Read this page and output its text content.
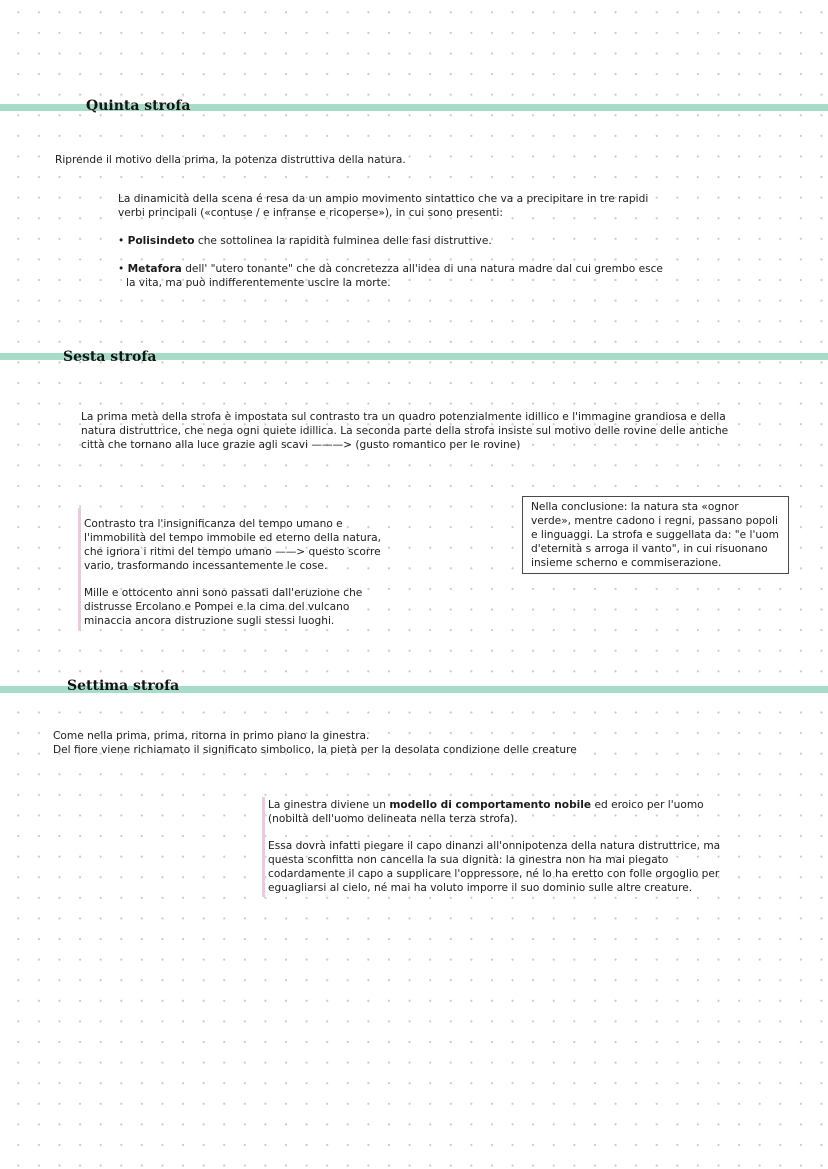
Quinta strofa
Riprende il motivo della prima, la potenza distruttiva della natura.
La dinamicità della scena é resa da un ampio movimento sintattico che va a precipitare in tre rapidi verbi principali («contuse / e infranse e ricoperse»), in cui sono presenti:
• Polisindeto che sottolinea la rapidità fulminea delle fasi distruttive.
• Metafora dell' "utero tonante" che dà concretezza all'idea di una natura madre dal cui grembo esce la vita, ma può indifferentemente uscire la morte.
Sesta strofa
La prima metà della strofa è impostata sul contrasto tra un quadro potenzialmente idillico e l'immagine grandiosa e della natura distruttrice, che nega ogni quiete idillica. La seconda parte della strofa insiste sul motivo delle rovine delle antiche città che tornano alla luce grazie agli scavi ———> (gusto romantico per le rovine)

Contrasto tra l'insignificanza del tempo umano e l'immobilità del tempo immobile ed eterno della natura, che ignora i ritmi del tempo umano ——> questo scorre vario, trasformando incessantemente le cose.

Mille e ottocento anni sono passati dall'eruzione che distrusse Ercolano e Pompei e la cima del vulcano minaccia ancora distruzione sugli stessi luoghi.

Nella conclusione: la natura sta «ognor verde», mentre cadono i regni, passano popoli e linguaggi. La strofa e suggellata da: "e l'uom d'eternità s arroga il vanto", in cui risuonano insieme scherno e commiserazione.
Settima strofa

Come nella prima, prima, ritorna in primo piano la ginestra.

Del fiore viene richiamato il significato simbolico, la pietà per la desolata condizione delle creature

La ginestra diviene un modello di comportamento nobile ed eroico per l'uomo (nobiltà dell'uomo delineata nella terza strofa).

Essa dovrà infatti piegare il capo dinanzi all'onnipotenza della natura distruttrice, ma questa sconfitta non cancella la sua dignità: la ginestra non ha mai piegato codardamente il capo a supplicare l'oppressore, né lo ha eretto con folle orgoglio per eguagliarsi al cielo, né mai ha voluto imporre il suo dominio sulle altre creature.
